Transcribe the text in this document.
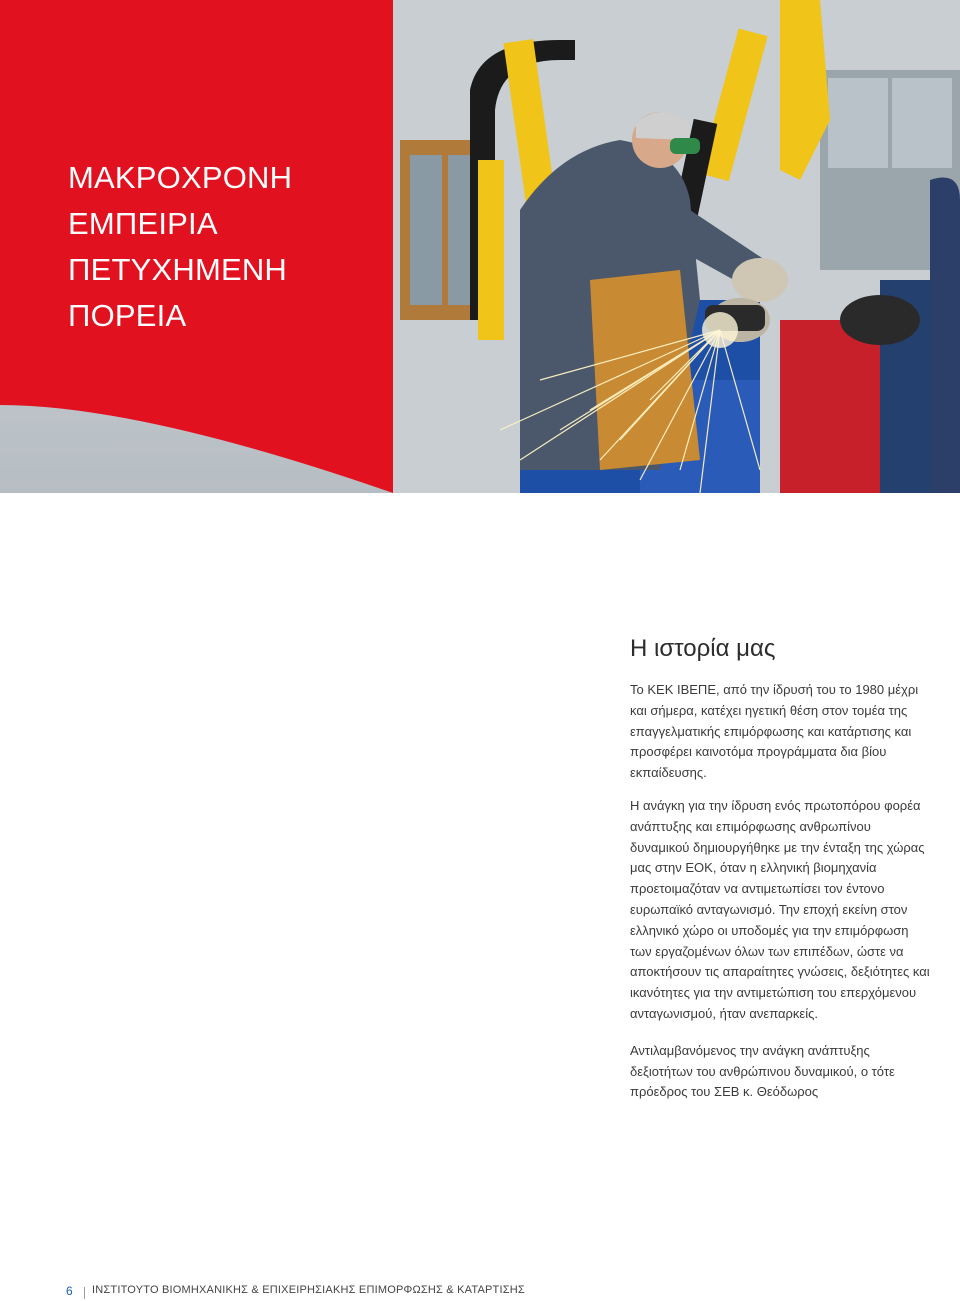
ΜΑΚΡΟΧΡΟΝΗ
ΕΜΠΕΙΡΙΑ
ΠΕΤΥΧΗΜΕΝΗ
ΠΟΡΕΙΑ
Η ιστορία μας

Το ΚΕΚ ΙΒΕΠΕ, από την ίδρυσή του το 1980 μέχρι και σήμερα, κατέχει ηγετική θέση στον τομέα της επαγγελματικής επιμόρφωσης και κατάρτισης και προσφέρει καινοτόμα προγράμματα δια βίου εκπαίδευσης.

Η ανάγκη για την ίδρυση ενός πρωτοπόρου φορέα ανάπτυξης και επιμόρφωσης ανθρωπίνου δυναμικού δημιουργήθηκε με την ένταξη της χώρας μας στην ΕΟΚ, όταν η ελληνική βιομηχανία προετοιμαζόταν να αντιμετωπίσει τον έντονο ευρωπαϊκό ανταγωνισμό. Την εποχή εκείνη στον ελληνικό χώρο οι υποδομές για την επιμόρφωση των εργαζομένων όλων των επιπέδων, ώστε να αποκτήσουν τις απαραίτητες γνώσεις, δεξιότητες και ικανότητες για την αντιμετώπιση του επερχόμενου ανταγωνισμού, ήταν ανεπαρκείς.

Αντιλαμβανόμενος την ανάγκη ανάπτυξης δεξιοτήτων του ανθρώπινου δυναμικού, ο τότε πρόεδρος του ΣΕΒ κ. Θεόδωρος

6 ΙΝΣΤΙΤΟΥΤΟ ΒΙΟΜΗΧΑΝΙΚΗΣ & ΕΠΙΧΕΙΡΗΣΙΑΚΗΣ ΕΠΙΜΟΡΦΩΣΗΣ & ΚΑΤΑΡΤΙΣΗΣ
